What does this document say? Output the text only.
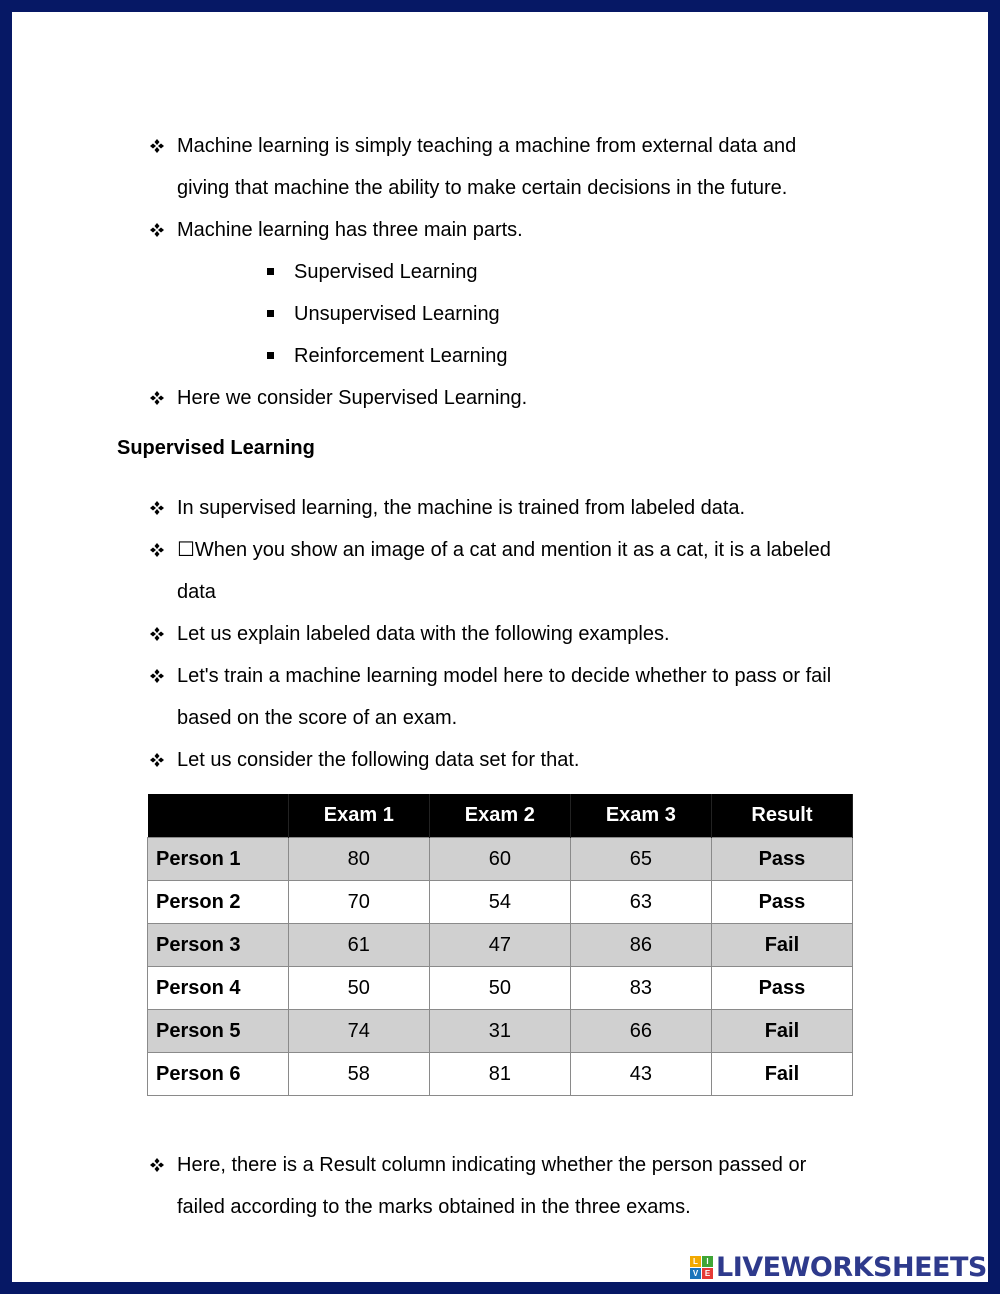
Machine learning is simply teaching a machine from external data and
giving that machine the ability to make certain decisions in the future.
Machine learning has three main parts.
Supervised Learning
Unsupervised Learning
Reinforcement Learning
Here we consider Supervised Learning.
Supervised Learning
In supervised learning, the machine is trained from labeled data.
☐When you show an image of a cat and mention it as a cat, it is a labeled
data
Let us explain labeled data with the following examples.
Let's train a machine learning model here to decide whether to pass or fail
based on the score of an exam.
Let us consider the following data set for that.
	Exam 1	Exam 2	Exam 3	Result
Person 1	80	60	65	Pass
Person 2	70	54	63	Pass
Person 3	61	47	86	Fail
Person 4	50	50	83	Pass
Person 5	74	31	66	Fail
Person 6	58	81	43	Fail
Here, there is a Result column indicating whether the person passed or
failed according to the marks obtained in the three exams.
L	I
V E LIVEWORKSHEETS
